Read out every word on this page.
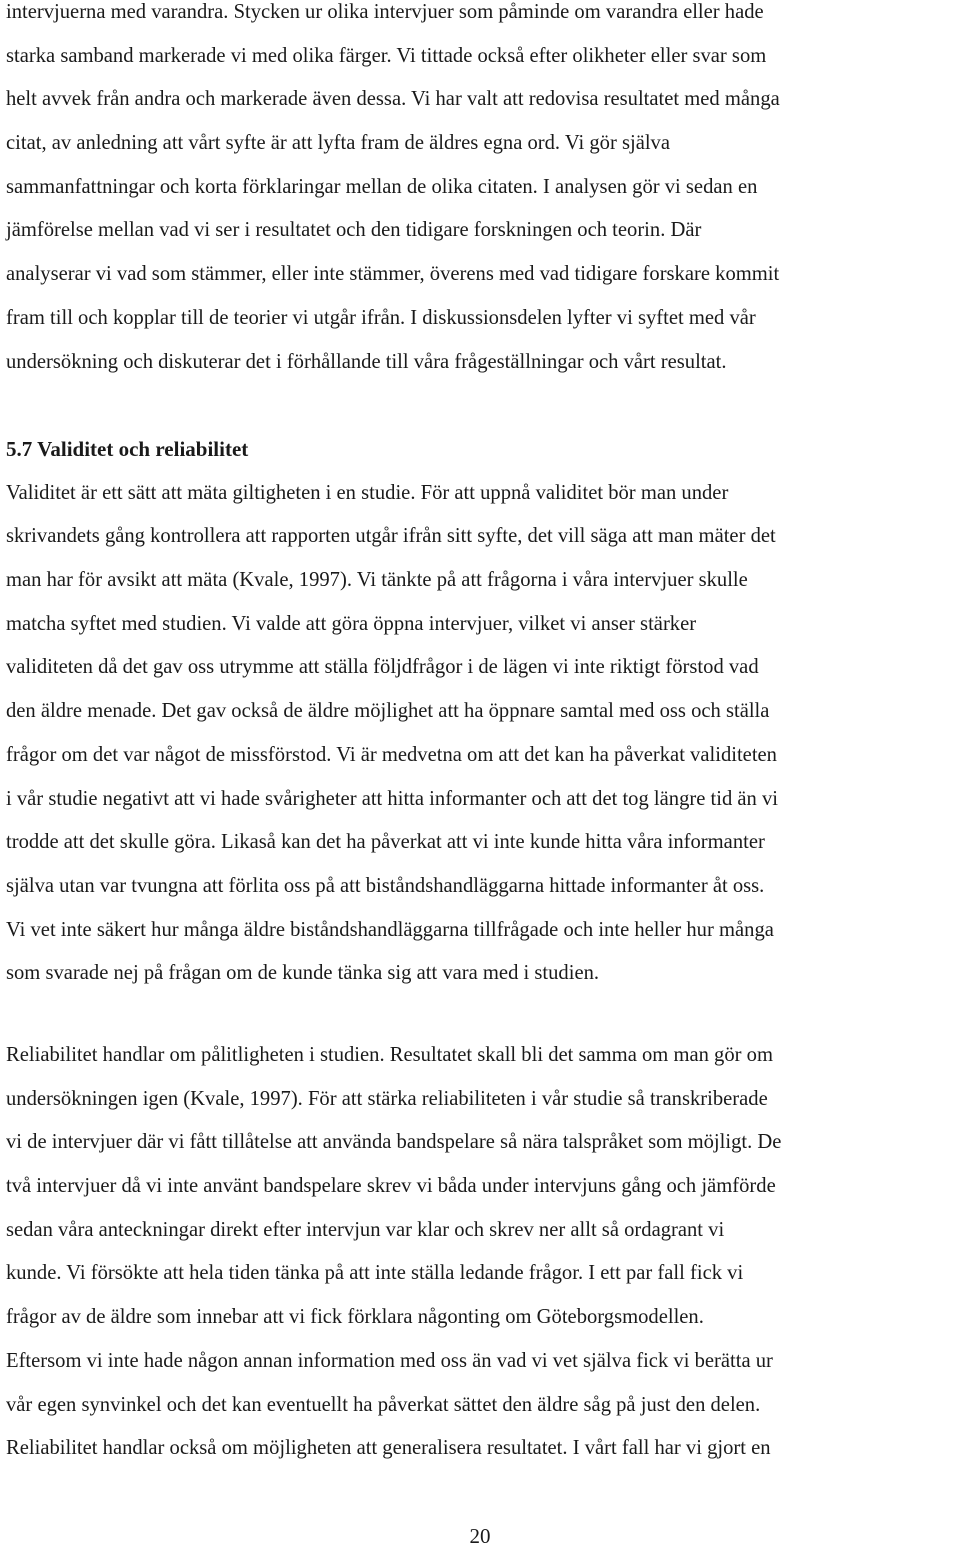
intervjuerna med varandra. Stycken ur olika intervjuer som påminde om varandra eller hade
starka samband markerade vi med olika färger. Vi tittade också efter olikheter eller svar som
helt avvek från andra och markerade även dessa. Vi har valt att redovisa resultatet med många
citat, av anledning att vårt syfte är att lyfta fram de äldres egna ord. Vi gör själva
sammanfattningar och korta förklaringar mellan de olika citaten. I analysen gör vi sedan en
jämförelse mellan vad vi ser i resultatet och den tidigare forskningen och teorin. Där
analyserar vi vad som stämmer, eller inte stämmer, överens med vad tidigare forskare kommit
fram till och kopplar till de teorier vi utgår ifrån. I diskussionsdelen lyfter vi syftet med vår
undersökning och diskuterar det i förhållande till våra frågeställningar och vårt resultat.
5.7 Validitet och reliabilitet
Validitet är ett sätt att mäta giltigheten i en studie. För att uppnå validitet bör man under
skrivandets gång kontrollera att rapporten utgår ifrån sitt syfte, det vill säga att man mäter det
man har för avsikt att mäta (Kvale, 1997). Vi tänkte på att frågorna i våra intervjuer skulle
matcha syftet med studien. Vi valde att göra öppna intervjuer, vilket vi anser stärker
validiteten då det gav oss utrymme att ställa följdfrågor i de lägen vi inte riktigt förstod vad
den äldre menade. Det gav också de äldre möjlighet att ha öppnare samtal med oss och ställa
frågor om det var något de missförstod. Vi är medvetna om att det kan ha påverkat validiteten
i vår studie negativt att vi hade svårigheter att hitta informanter och att det tog längre tid än vi
trodde att det skulle göra. Likaså kan det ha påverkat att vi inte kunde hitta våra informanter
själva utan var tvungna att förlita oss på att biståndshandläggarna hittade informanter åt oss.
Vi vet inte säkert hur många äldre biståndshandläggarna tillfrågade och inte heller hur många
som svarade nej på frågan om de kunde tänka sig att vara med i studien.
Reliabilitet handlar om pålitligheten i studien. Resultatet skall bli det samma om man gör om
undersökningen igen (Kvale, 1997). För att stärka reliabiliteten i vår studie så transkriberade
vi de intervjuer där vi fått tillåtelse att använda bandspelare så nära talspråket som möjligt. De
två intervjuer då vi inte använt bandspelare skrev vi båda under intervjuns gång och jämförde
sedan våra anteckningar direkt efter intervjun var klar och skrev ner allt så ordagrant vi
kunde. Vi försökte att hela tiden tänka på att inte ställa ledande frågor. I ett par fall fick vi
frågor av de äldre som innebar att vi fick förklara någonting om Göteborgsmodellen.
Eftersom vi inte hade någon annan information med oss än vad vi vet själva fick vi berätta ur
vår egen synvinkel och det kan eventuellt ha påverkat sättet den äldre såg på just den delen.
Reliabilitet handlar också om möjligheten att generalisera resultatet. I vårt fall har vi gjort en
20
